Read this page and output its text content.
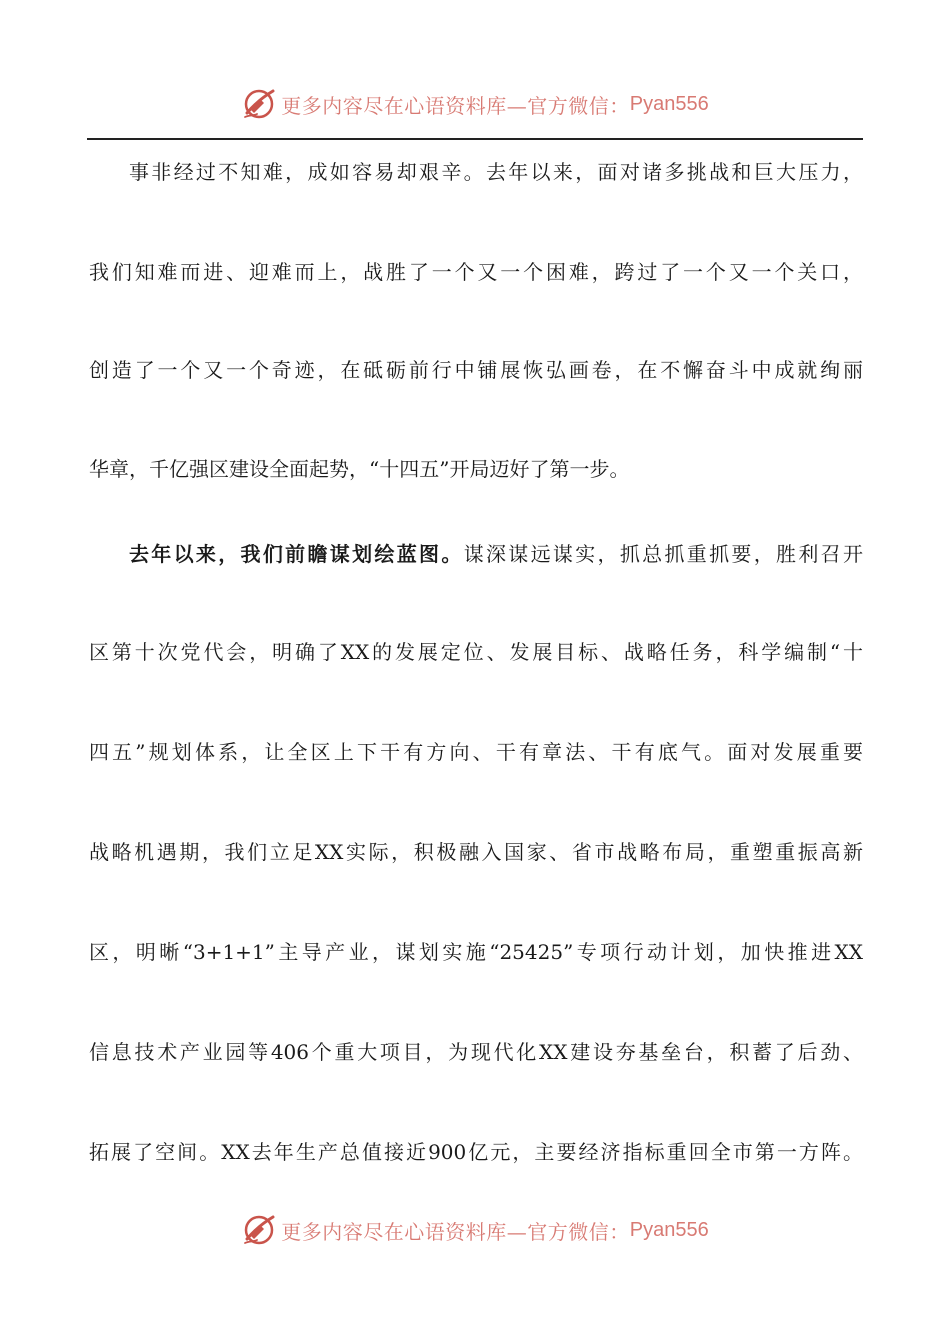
更多内容尽在心语资料库—官方微信： Pyan556
事非经过不知难，成如容易却艰辛。去年以来，面对诸多挑战和巨大压力，
我们知难而进、迎难而上，战胜了一个又一个困难，跨过了一个又一个关口，
创造了一个又一个奇迹，在砥砺前行中铺展恢弘画卷，在不懈奋斗中成就绚丽
华章，千亿强区建设全面起势，“十四五”开局迈好了第一步。
去年以来，我们前瞻谋划绘蓝图。谋深谋远谋实，抓总抓重抓要，胜利召开
区第十次党代会，明确了XX的发展定位、发展目标、战略任务，科学编制“十
四五”规划体系，让全区上下干有方向、干有章法、干有底气。面对发展重要
战略机遇期，我们立足XX实际，积极融入国家、省市战略布局，重塑重振高新
区，明晰“3+1+1”主导产业，谋划实施“25425”专项行动计划，加快推进XX
信息技术产业园等406个重大项目，为现代化XX建设夯基垒台，积蓄了后劲、
拓展了空间。XX去年生产总值接近900亿元，主要经济指标重回全市第一方阵。
更多内容尽在心语资料库—官方微信： Pyan556
